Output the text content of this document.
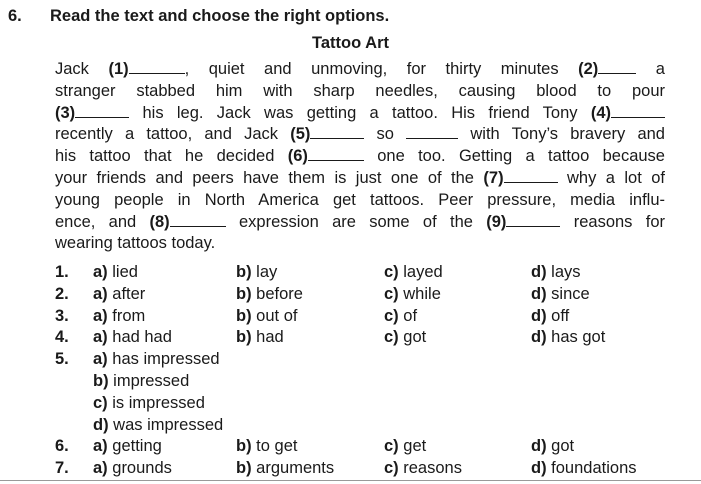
6. Read the text and choose the right options.
Tattoo Art
Jack (1)	, quiet and unmoving, for thirty minutes (2) a
stranger stabbed him with sharp needles, causing blood to pour
(3)	his leg. Jack was getting a tattoo. His friend Tony (4)
recently a tattoo, and Jack (5)	so	with Tony’s bravery and
his tattoo that he decided (6)	one too. Getting a tattoo because
your friends and peers have them is just one of the (7)	why a lot of
young people in North America get tattoos. Peer pressure, media influ-
ence, and (8)	expression are some of the (9)	reasons for
wearing tattoos today.
1. a) lied	b) lay	c) layed	d) lays
2. a) after	b) before	c) while	d) since
3. a) from	b) out of	c) of	d) off
4. a) had had	b) had	c) got	d) has got
5. a) has impressed
b) impressed
c) is impressed
d) was impressed
6. a) getting	b) to get	c) get	d) got
7. a) grounds	b) arguments	c) reasons	d) foundations
